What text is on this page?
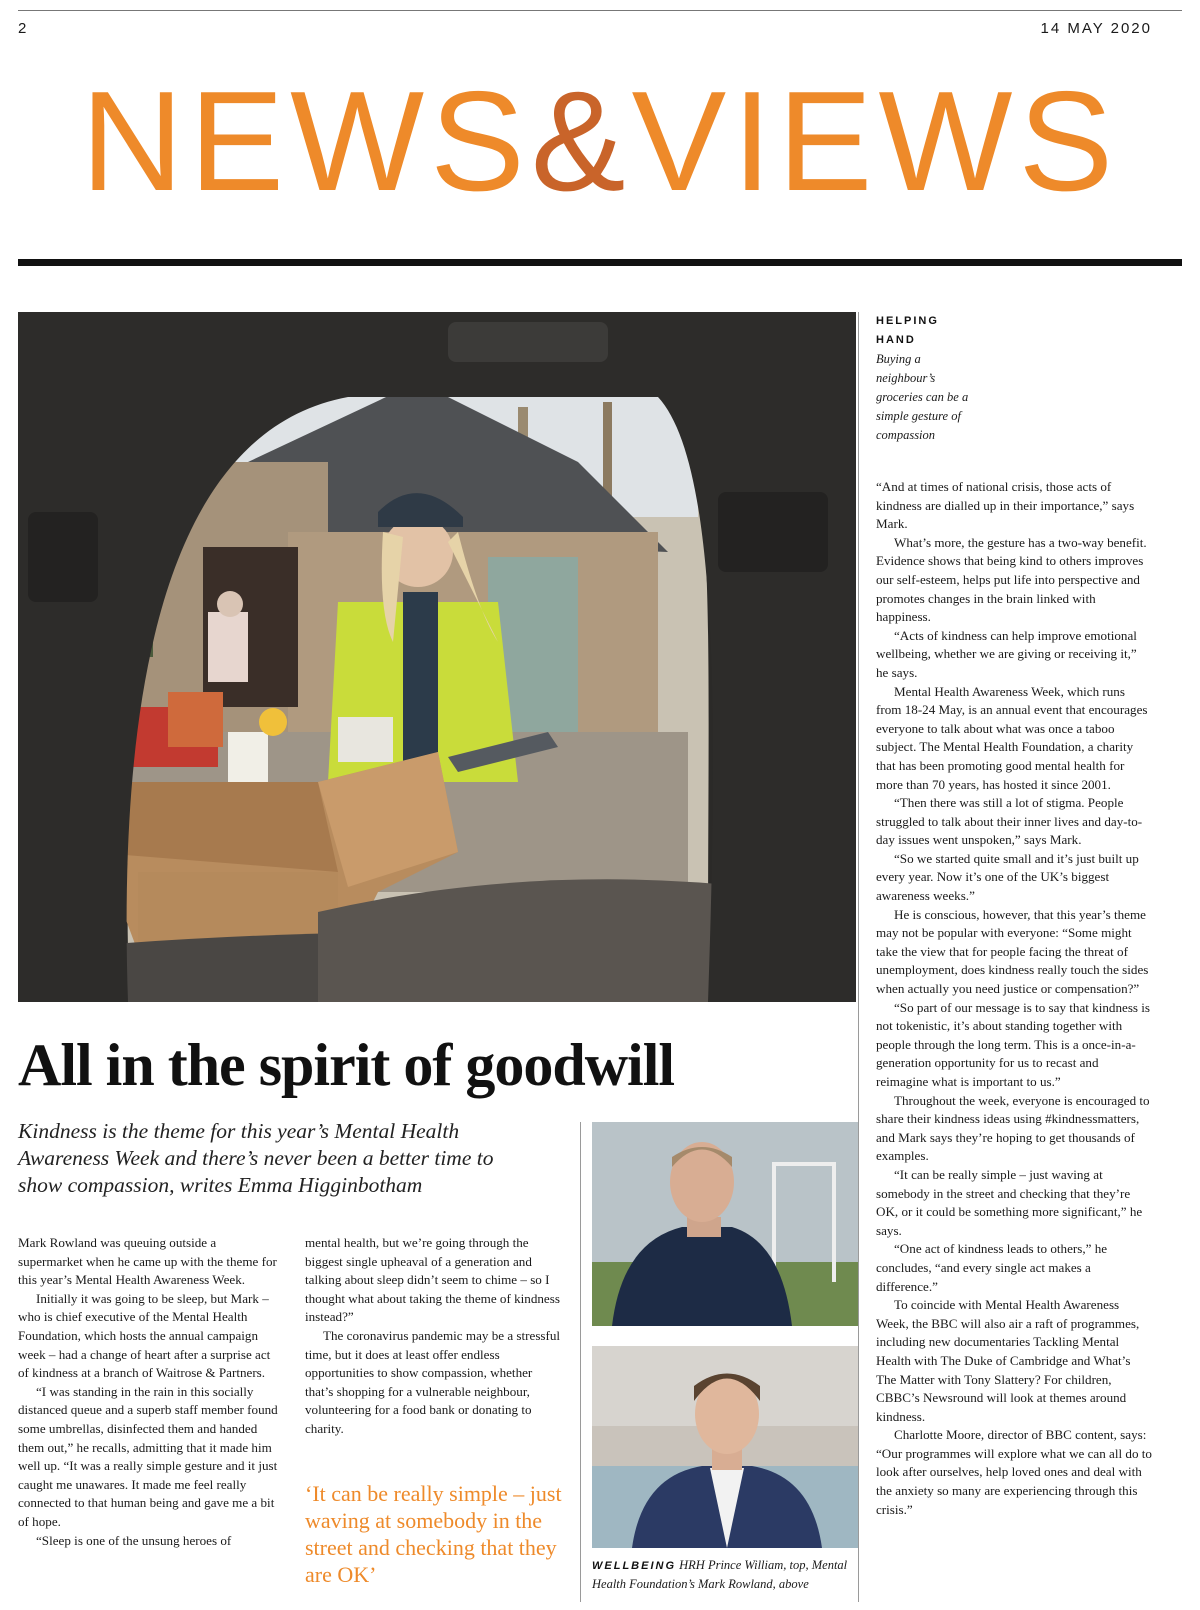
2	14 MAY 2020
NEWS&VIEWS
HELPING HAND
Buying a neighbour’s groceries can be a simple gesture of compassion
All in the spirit of goodwill
Kindness is the theme for this year’s Mental Health Awareness Week and there’s never been a better time to show compassion, writes Emma Higginbotham

Mark Rowland was queuing outside a supermarket when he came up with the theme for this year’s Mental Health Awareness Week.

Initially it was going to be sleep, but Mark – who is chief executive of the Mental Health Foundation, which hosts the annual campaign week – had a change of heart after a surprise act of kindness at a branch of Waitrose & Partners.

“I was standing in the rain in this socially distanced queue and a superb staff member found some umbrellas, disinfected them and handed them out,” he recalls, admitting that it made him well up. “It was a really simple gesture and it just caught me unawares. It made me feel really connected to that human being and gave me a bit of hope.

“Sleep is one of the unsung heroes of

mental health, but we’re going through the biggest single upheaval of a generation and talking about sleep didn’t seem to chime – so I thought what about taking the theme of kindness instead?”

The coronavirus pandemic may be a stressful time, but it does at least offer endless opportunities to show compassion, whether that’s shopping for a vulnerable neighbour, volunteering for a food bank or donating to charity.

‘It can be really simple – just waving at somebody in the street and checking that they are OK’	WELLBEING HRH Prince William, top, Mental Health Foundation’s Mark Rowland, above

“And at times of national crisis, those acts of kindness are dialled up in their importance,” says Mark.

What’s more, the gesture has a two-way benefit. Evidence shows that being kind to others improves our self-esteem, helps put life into perspective and promotes changes in the brain linked with happiness.

“Acts of kindness can help improve emotional wellbeing, whether we are giving or receiving it,” he says.

Mental Health Awareness Week, which runs from 18-24 May, is an annual event that encourages everyone to talk about what was once a taboo subject. The Mental Health Foundation, a charity that has been promoting good mental health for more than 70 years, has hosted it since 2001.

“Then there was still a lot of stigma. People struggled to talk about their inner lives and day-to-day issues went unspoken,” says Mark.

“So we started quite small and it’s just built up every year. Now it’s one of the UK’s biggest awareness weeks.”

He is conscious, however, that this year’s theme may not be popular with everyone: “Some might take the view that for people facing the threat of unemployment, does kindness really touch the sides when actually you need justice or compensation?”

“So part of our message is to say that kindness is not tokenistic, it’s about standing together with people through the long term. This is a once-in-a-generation opportunity for us to recast and reimagine what is important to us.”

Throughout the week, everyone is encouraged to share their kindness ideas using #kindnessmatters, and Mark says they’re hoping to get thousands of examples.

“It can be really simple – just waving at somebody in the street and checking that they’re OK, or it could be something more significant,” he says.

“One act of kindness leads to others,” he concludes, “and every single act makes a difference.”

To coincide with Mental Health Awareness Week, the BBC will also air a raft of programmes, including new documentaries Tackling Mental Health with The Duke of Cambridge and What’s The Matter with Tony Slattery? For children, CBBC’s Newsround will look at themes around kindness.

Charlotte Moore, director of BBC content, says: “Our programmes will explore what we can all do to look after ourselves, help loved ones and deal with the anxiety so many are experiencing through this crisis.”
